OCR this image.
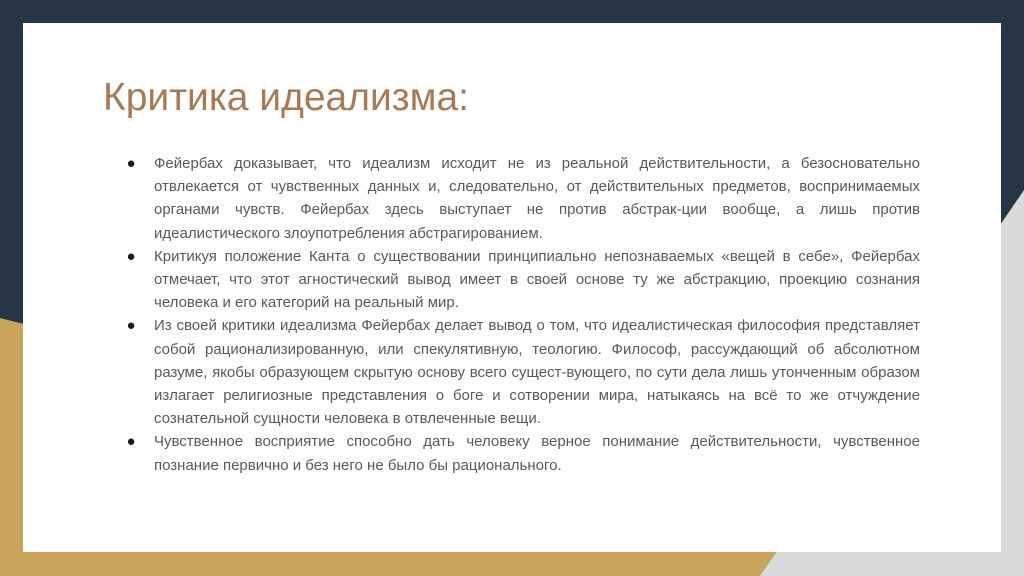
Критика идеализма:
● Фейербах доказывает, что идеализм исходит не из реальной действительности, а безосновательно отвлекается от чувственных данных и, следовательно, от действительных предметов, воспринимаемых органами чувств. Фейербах здесь выступает не против абстрак-ции вообще, а лишь против идеалистического злоупотребления абстрагированием.
● Критикуя положение Канта о существовании принципиально непознаваемых «вещей в себе», Фейербах отмечает, что этот агностический вывод имеет в своей основе ту же абстракцию, проекцию сознания человека и его категорий на реальный мир.
● Из своей критики идеализма Фейербах делает вывод о том, что идеалистическая философия представляет собой рационализированную, или спекулятивную, теологию. Философ, рассуждающий об абсолютном разуме, якобы образующем скрытую основу всего сущест-вующего, по сути дела лишь утонченным образом излагает религиозные представления о боге и сотворении мира, натыкаясь на всё то же отчуждение сознательной сущности человека в отвлеченные вещи.
● Чувственное восприятие способно дать человеку верное понимание действительности, чувственное познание первично и без него не было бы рационального.
